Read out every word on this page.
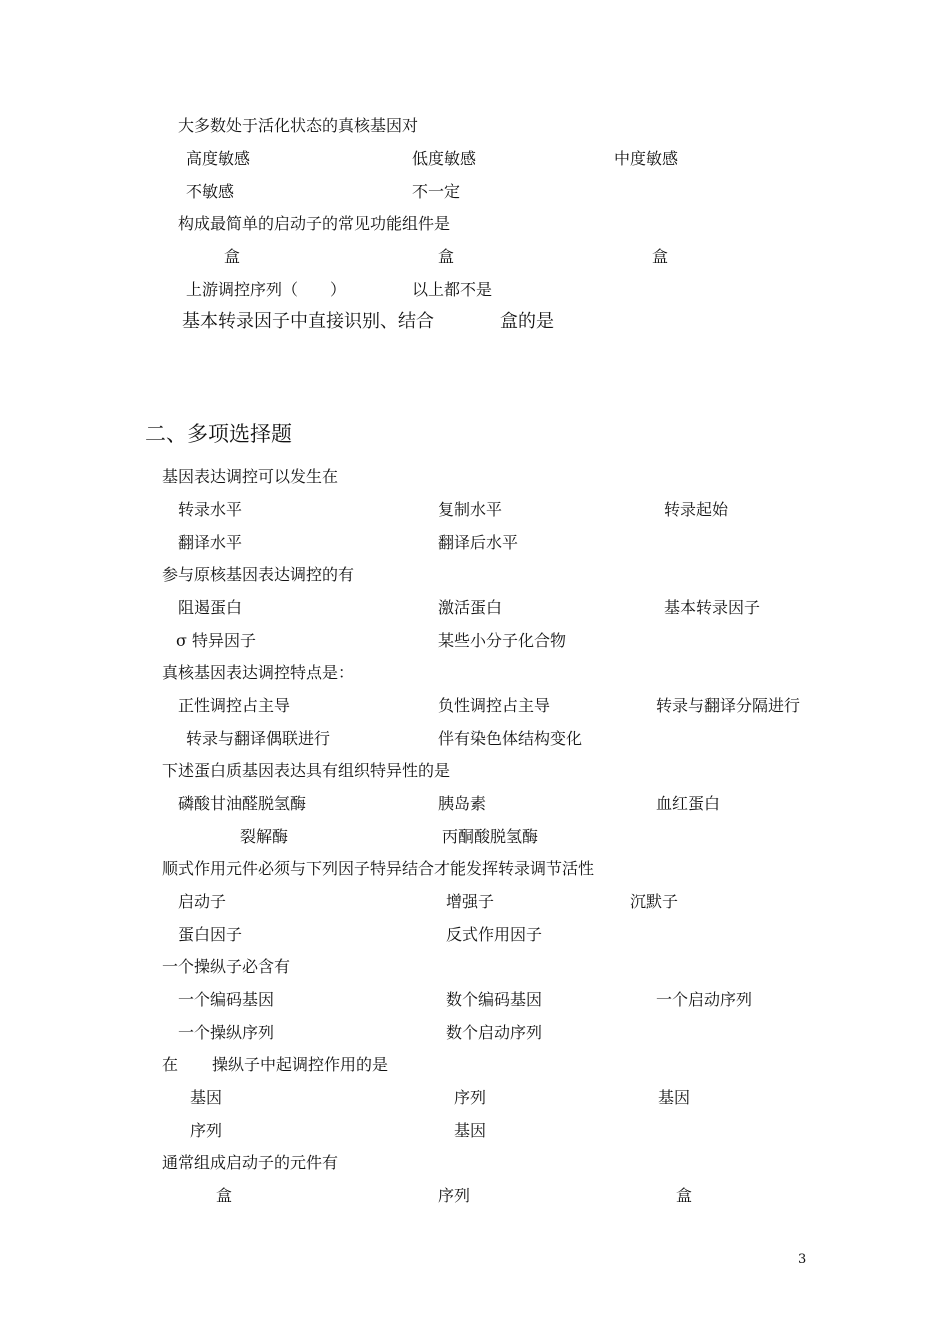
大多数处于活化状态的真核基因对
高度敏感	低度敏感	中度敏感
不敏感	不一定
构成最简单的启动子的常见功能组件是
盒	盒	盒
上游调控序列（　　）	以上都不是
基本转录因子中直接识别、结合	盒的是
二、多项选择题
基因表达调控可以发生在
转录水平	复制水平	转录起始
翻译水平	翻译后水平
参与原核基因表达调控的有
阻遏蛋白	激活蛋白	基本转录因子
σ 特异因子	某些小分子化合物
真核基因表达调控特点是：
正性调控占主导	负性调控占主导	转录与翻译分隔进行
转录与翻译偶联进行	伴有染色体结构变化
下述蛋白质基因表达具有组织特异性的是
磷酸甘油醛脱氢酶	胰岛素	血红蛋白
裂解酶	丙酮酸脱氢酶
顺式作用元件必须与下列因子特异结合才能发挥转录调节活性
启动子	增强子	沉默子
蛋白因子	反式作用因子
一个操纵子必含有
一个编码基因	数个编码基因	一个启动序列
一个操纵序列	数个启动序列
在 操纵子中起调控作用的是
基因	序列	基因
序列	基因
通常组成启动子的元件有
盒	序列	盒
3
